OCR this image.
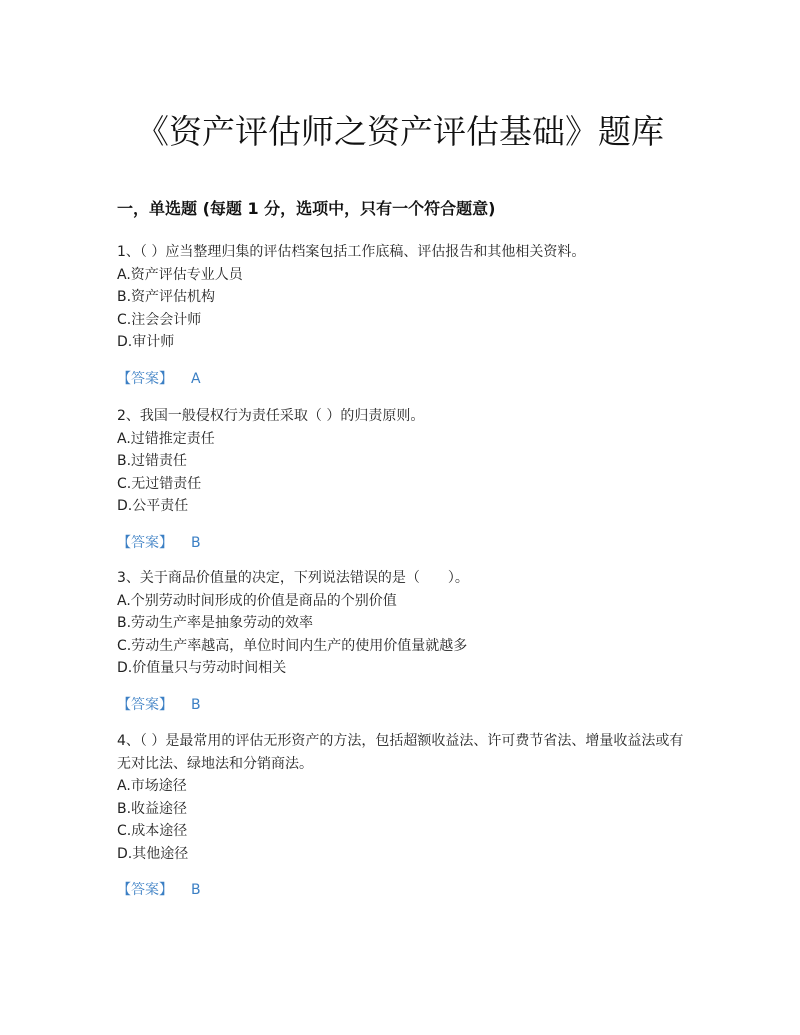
《资产评估师之资产评估基础》题库
一，单选题 (每题 1 分，选项中，只有一个符合题意)

1、（ ）应当整理归集的评估档案包括工作底稿、评估报告和其他相关资料。

A.资产评估专业人员

B.资产评估机构

C.注会会计师

D.审计师

【答案】 A

2、我国一般侵权行为责任采取（ ）的归责原则。

A.过错推定责任

B.过错责任

C.无过错责任

D.公平责任

【答案】 B

3、关于商品价值量的决定，下列说法错误的是（　　）。

A.个别劳动时间形成的价值是商品的个别价值

B.劳动生产率是抽象劳动的效率

C.劳动生产率越高，单位时间内生产的使用价值量就越多

D.价值量只与劳动时间相关

【答案】 B

4、（ ）是最常用的评估无形资产的方法，包括超额收益法、许可费节省法、增量收益法或有无对比法、绿地法和分销商法。

A.市场途径

B.收益途径

C.成本途径

D.其他途径

【答案】 B
